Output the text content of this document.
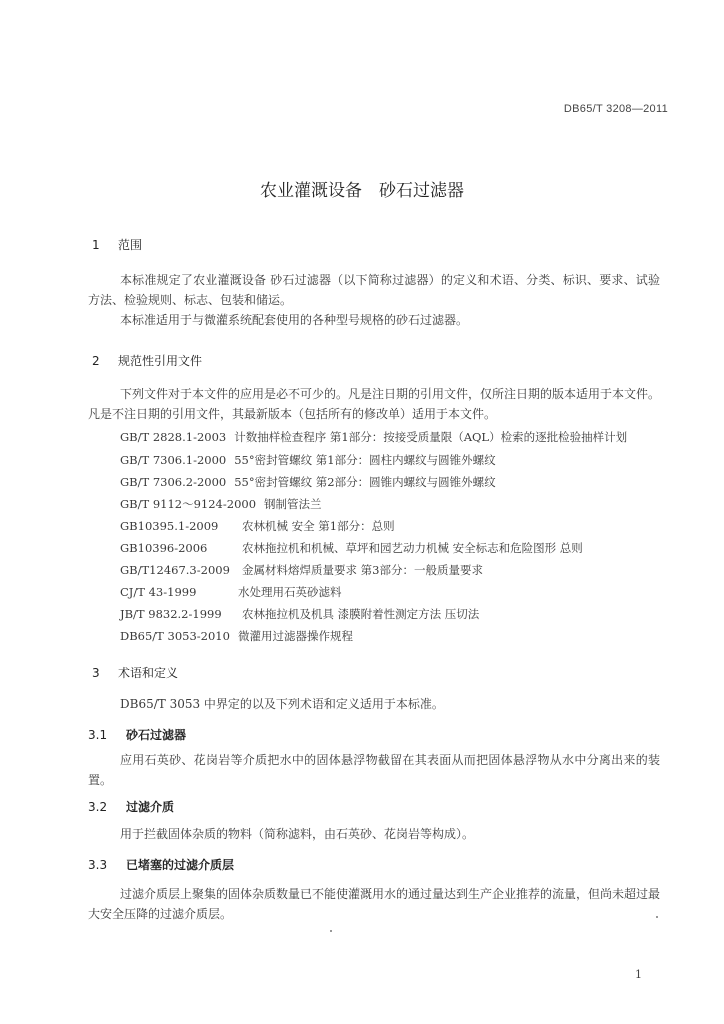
DB65/T 3208—2011
农业灌溉设备　砂石过滤器
1 范围
本标准规定了农业灌溉设备 砂石过滤器（以下简称过滤器）的定义和术语、分类、标识、要求、试验方法、检验规则、标志、包装和储运。
本标准适用于与微灌系统配套使用的各种型号规格的砂石过滤器。
2 规范性引用文件
下列文件对于本文件的应用是必不可少的。凡是注日期的引用文件，仅所注日期的版本适用于本文件。凡是不注日期的引用文件，其最新版本（包括所有的修改单）适用于本文件。
GB/T 2828.1-2003 计数抽样检查程序 第1部分：按接受质量限（AQL）检索的逐批检验抽样计划
GB/T 7306.1-2000 55°密封管螺纹 第1部分：圆柱内螺纹与圆锥外螺纹
GB/T 7306.2-2000 55°密封管螺纹 第2部分：圆锥内螺纹与圆锥外螺纹
GB/T 9112～9124-2000 钢制管法兰
GB10395.1-2009 农林机械 安全 第1部分：总则
GB10396-2006	农林拖拉机和机械、草坪和园艺动力机械 安全标志和危险图形 总则
GB/T12467.3-2009 金属材料熔焊质量要求 第3部分：一般质量要求
CJ/T 43-1999	水处理用石英砂滤料
JB/T 9832.2-1999 农林拖拉机及机具 漆膜附着性测定方法 压切法
DB65/T 3053-2010 微灌用过滤器操作规程
3 术语和定义
DB65/T 3053 中界定的以及下列术语和定义适用于本标准。
3.1 砂石过滤器
应用石英砂、花岗岩等介质把水中的固体悬浮物截留在其表面从而把固体悬浮物从水中分离出来的装置。
3.2 过滤介质
用于拦截固体杂质的物料（简称滤料，由石英砂、花岗岩等构成）。
3.3 已堵塞的过滤介质层
过滤介质层上聚集的固体杂质数量已不能使灌溉用水的通过量达到生产企业推荐的流量，但尚未超过最大安全压降的过滤介质层。
1
